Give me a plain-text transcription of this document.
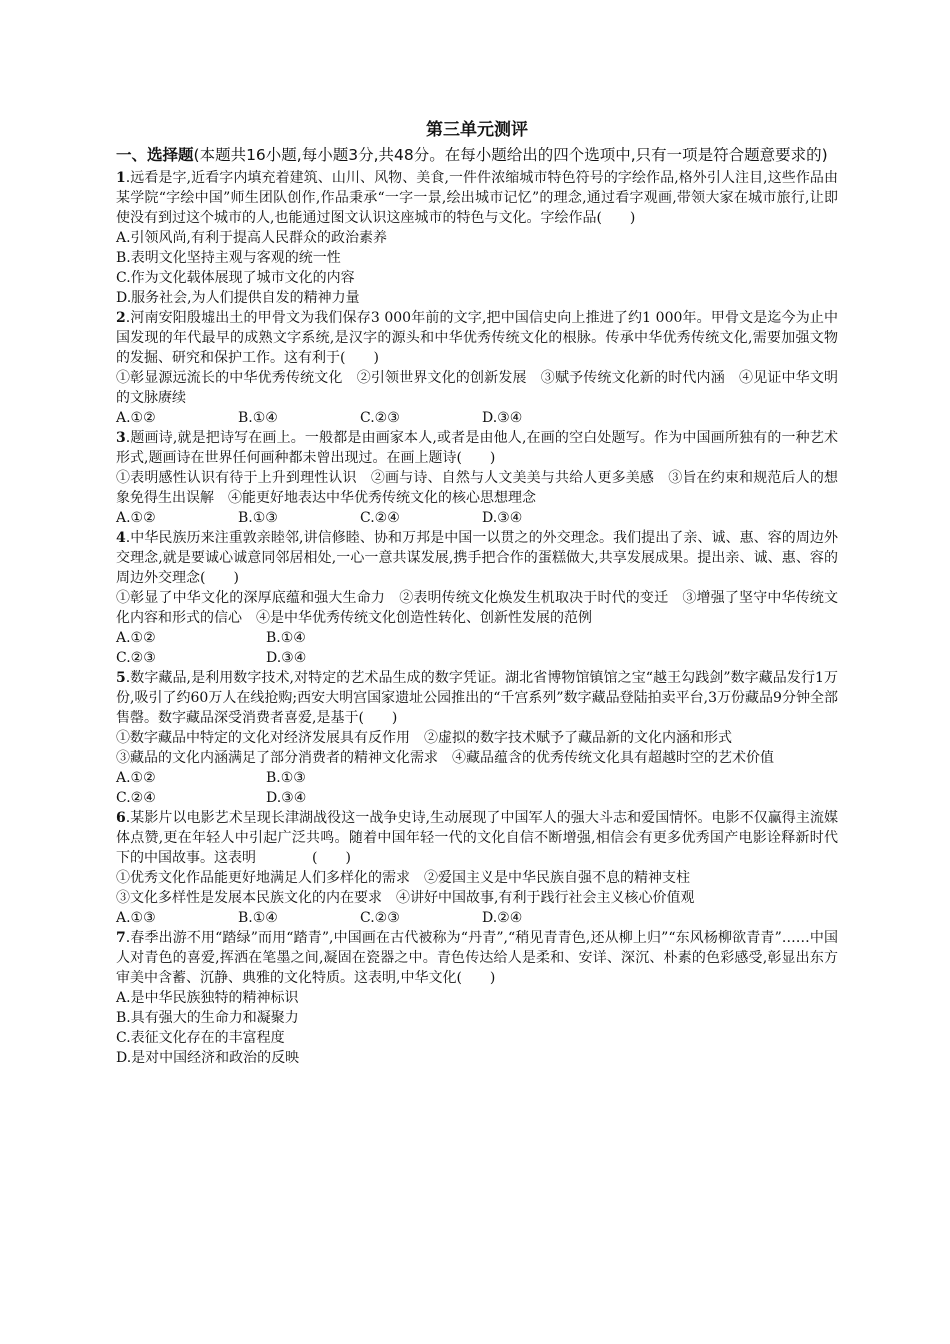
第三单元测评
一、选择题(本题共16小题,每小题3分,共48分。在每小题给出的四个选项中,只有一项是符合题意要求的)

1.远看是字,近看字内填充着建筑、山川、风物、美食,一件件浓缩城市特色符号的字绘作品,格外引人注目,这些作品由某学院“字绘中国”师生团队创作,作品秉承“一字一景,绘出城市记忆”的理念,通过看字观画,带领大家在城市旅行,让即使没有到过这个城市的人,也能通过图文认识这座城市的特色与文化。字绘作品(　　)

A.引领风尚,有利于提高人民群众的政治素养
B.表明文化坚持主观与客观的统一性
C.作为文化载体展现了城市文化的内容
D.服务社会,为人们提供自发的精神力量

2.河南安阳殷墟出土的甲骨文为我们保存3 000年前的文字,把中国信史向上推进了约1 000年。甲骨文是迄今为止中国发现的年代最早的成熟文字系统,是汉字的源头和中华优秀传统文化的根脉。传承中华优秀传统文化,需要加强文物的发掘、研究和保护工作。这有利于(　　)

①彰显源远流长的中华优秀传统文化　②引领世界文化的创新发展　③赋予传统文化新的时代内涵　④见证中华文明的文脉赓续

A.①②	B.①④	C.②③	D.③④

3.题画诗,就是把诗写在画上。一般都是由画家本人,或者是由他人,在画的空白处题写。作为中国画所独有的一种艺术形式,题画诗在世界任何画种都未曾出现过。在画上题诗(　　)

①表明感性认识有待于上升到理性认识　②画与诗、自然与人文美美与共给人更多美感　③旨在约束和规范后人的想象免得生出误解　④能更好地表达中华优秀传统文化的核心思想理念

A.①②	B.①③	C.②④	D.③④

4.中华民族历来注重敦亲睦邻,讲信修睦、协和万邦是中国一以贯之的外交理念。我们提出了亲、诚、惠、容的周边外交理念,就是要诚心诚意同邻居相处,一心一意共谋发展,携手把合作的蛋糕做大,共享发展成果。提出亲、诚、惠、容的周边外交理念(　　)

①彰显了中华文化的深厚底蕴和强大生命力　②表明传统文化焕发生机取决于时代的变迁　③增强了坚守中华传统文化内容和形式的信心　④是中华优秀传统文化创造性转化、创新性发展的范例

A.①②	B.①④
C.②③	D.③④

5.数字藏品,是利用数字技术,对特定的艺术品生成的数字凭证。湖北省博物馆镇馆之宝“越王勾践剑”数字藏品发行1万份,吸引了约60万人在线抢购;西安大明宫国家遗址公园推出的“千宫系列”数字藏品登陆拍卖平台,3万份藏品9分钟全部售罄。数字藏品深受消费者喜爱,是基于(　　)

①数字藏品中特定的文化对经济发展具有反作用　②虚拟的数字技术赋予了藏品新的文化内涵和形式

③藏品的文化内涵满足了部分消费者的精神文化需求　④藏品蕴含的优秀传统文化具有超越时空的艺术价值

A.①②	B.①③
C.②④	D.③④

6.某影片以电影艺术呈现长津湖战役这一战争史诗,生动展现了中国军人的强大斗志和爱国情怀。电影不仅赢得主流媒体点赞,更在年轻人中引起广泛共鸣。随着中国年轻一代的文化自信不断增强,相信会有更多优秀国产电影诠释新时代下的中国故事。这表明　　　　(　　)

①优秀文化作品能更好地满足人们多样化的需求　②爱国主义是中华民族自强不息的精神支柱

③文化多样性是发展本民族文化的内在要求　④讲好中国故事,有利于践行社会主义核心价值观

A.①③	B.①④	C.②③	D.②④

7.春季出游不用“踏绿”而用“踏青”,中国画在古代被称为“丹青”,“稍见青青色,还从柳上归”“东风杨柳欲青青”……中国人对青色的喜爱,挥洒在笔墨之间,凝固在瓷器之中。青色传达给人是柔和、安详、深沉、朴素的色彩感受,彰显出东方审美中含蓄、沉静、典雅的文化特质。这表明,中华文化(　　)

A.是中华民族独特的精神标识
B.具有强大的生命力和凝聚力
C.表征文化存在的丰富程度
D.是对中国经济和政治的反映
